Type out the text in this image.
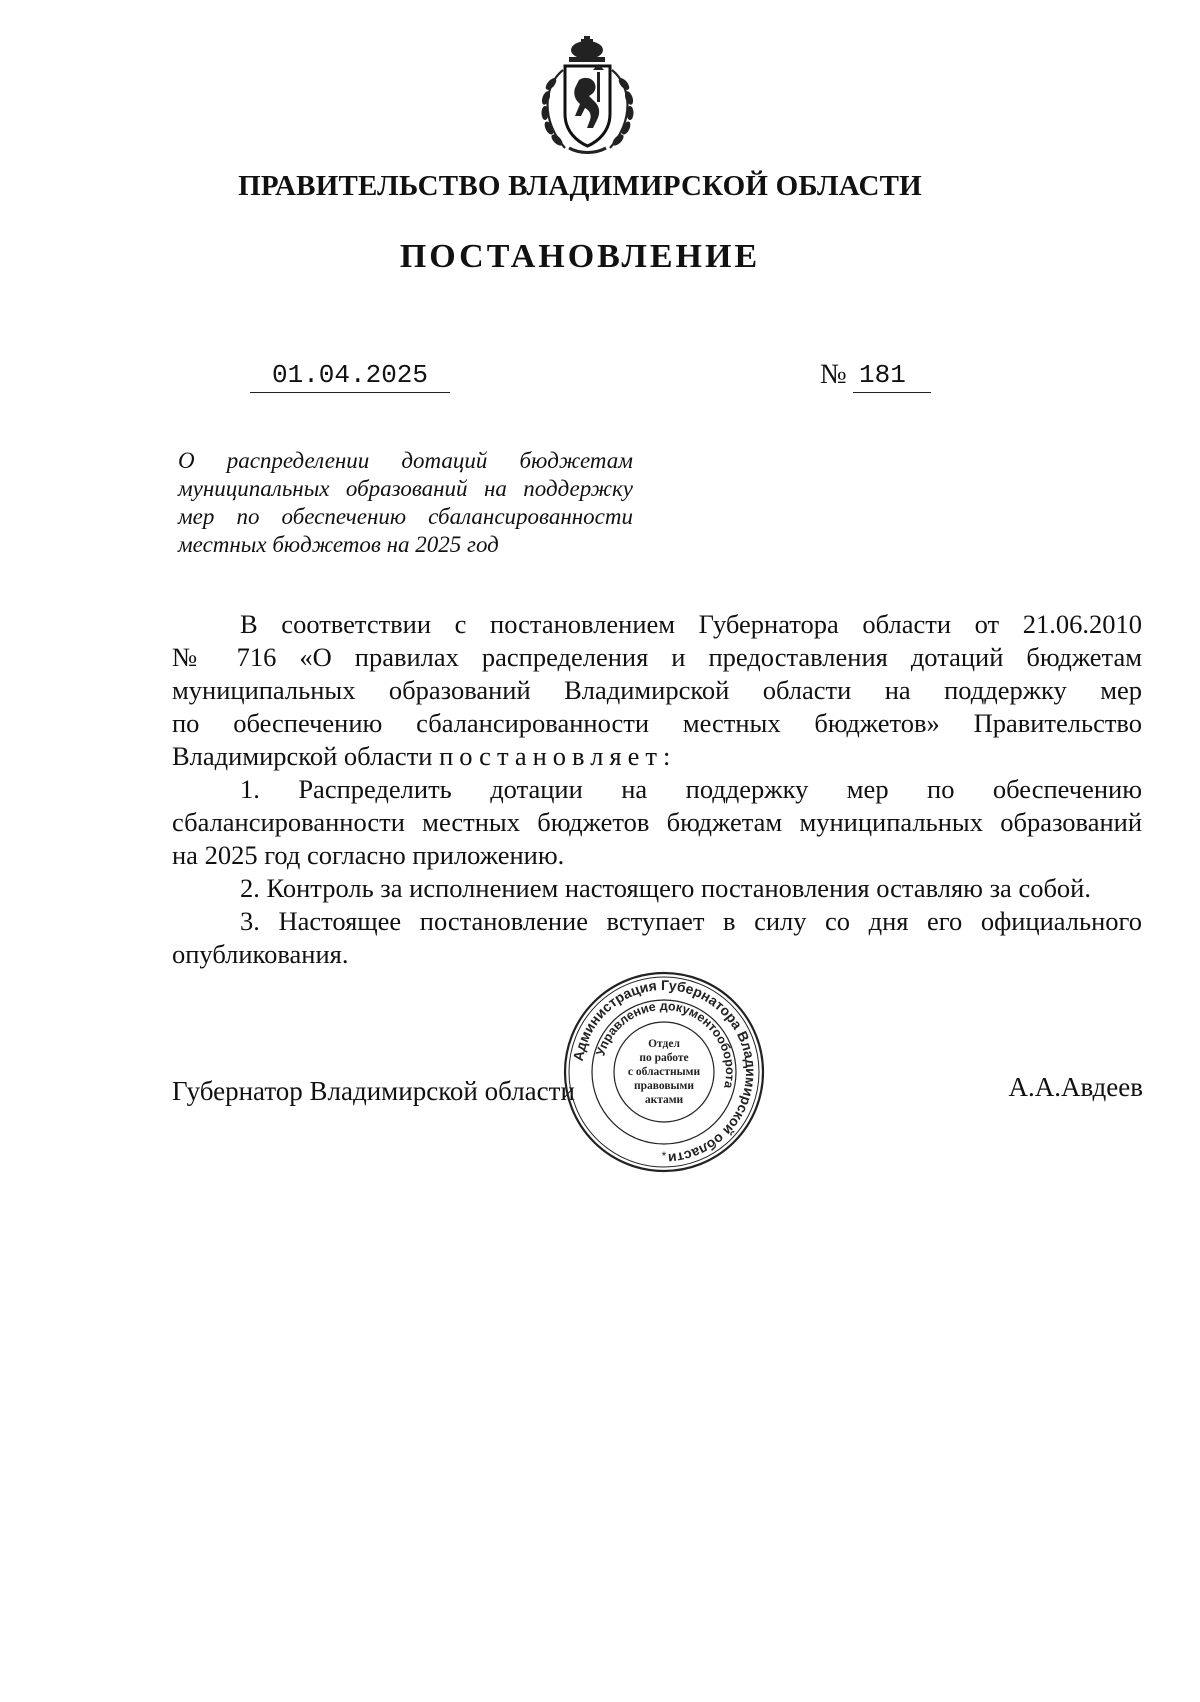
ПРАВИТЕЛЬСТВО ВЛАДИМИРСКОЙ ОБЛАСТИ
ПОСТАНОВЛЕНИЕ
01.04.2025	№ 181
О распределении дотаций бюджетам
муниципальных образований на поддержку
мер по обеспечению сбалансированности
местных бюджетов на 2025 год
В соответствии с постановлением Губернатора области от 21.06.2010
№ 716 «О правилах распределения и предоставления дотаций бюджетам
муниципальных образований Владимирской области на поддержку мер
по обеспечению сбалансированности местных бюджетов» Правительство
Владимирской области постановляет:
1. Распределить дотации на поддержку мер по обеспечению
сбалансированности местных бюджетов бюджетам муниципальных образований
на 2025 год согласно приложению.
2. Контроль за исполнением настоящего постановления оставляю за собой.
3. Настоящее постановление вступает в силу со дня его официального
опубликования.
Губернатор Владимирской области	А.А.Авдеев
Администрация Губернатора Владимирской области
Управление документооборота
*
Отдел
по работе
с областными
правовыми
актами
